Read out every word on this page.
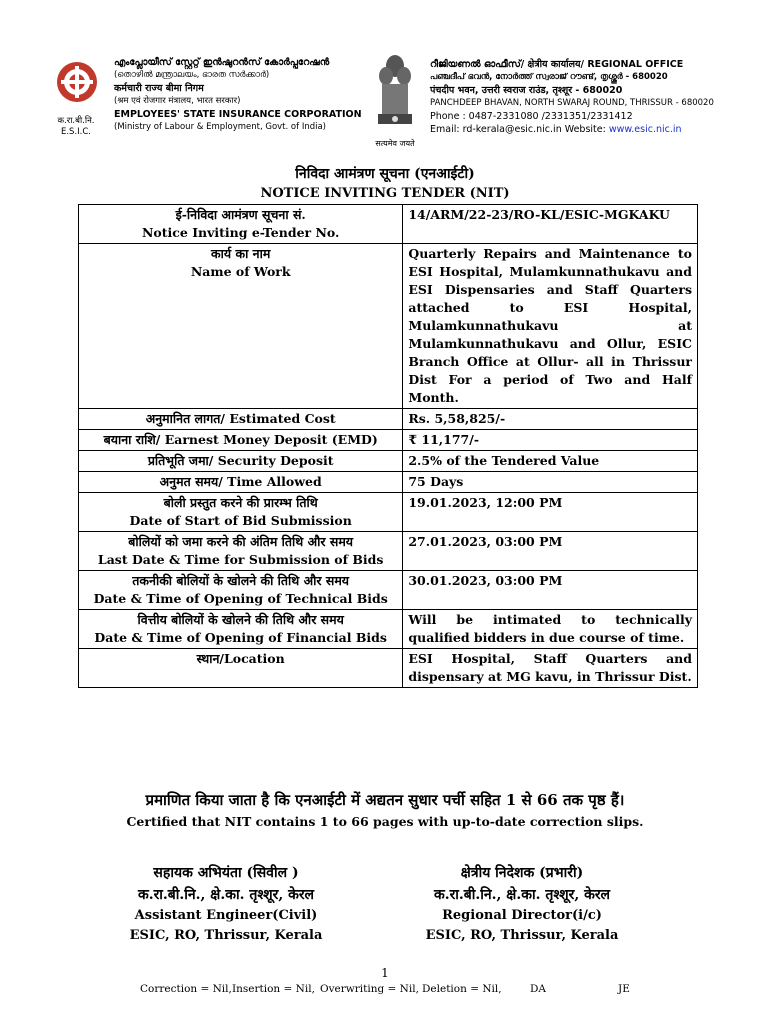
क.रा.बी.नि.
E.S.I.C.
എംപ്ലോയീസ് സ്റ്റേറ്റ് ഇൻഷുറൻസ് കോർപ്പറേഷൻ
(തൊഴിൽ മന്ത്രാലയം, ഭാരത സർക്കാർ)
कर्मचारी राज्य बीमा निगम
(श्रम एवं रोजगार मंत्रालय, भारत सरकार)
EMPLOYEES' STATE INSURANCE CORPORATION
(Ministry of Labour & Employment, Govt. of India)
सत्यमेव जयते
റീജിയണൽ ഓഫീസ്/ क्षेत्रीय कार्यालय/ REGIONAL OFFICE
പഞ്ചദീപ് ഭവൻ, നോർത്ത് സ്വരാജ് റൗണ്ട്, തൃശ്ശൂർ - 680020
पंचदीप भवन, उत्तरी स्वराज राउंड, तृश्शूर - 680020
PANCHDEEP BHAVAN, NORTH SWARAJ ROUND, THRISSUR - 680020
Phone : 0487-2331080 /2331351/2331412
Email: rd-kerala@esic.nic.in Website: www.esic.nic.in
निविदा आमंत्रण सूचना (एनआईटी)
NOTICE INVITING TENDER (NIT)
ई-निविदा आमंत्रण सूचना सं.
Notice Inviting e-Tender No.	14/ARM/22-23/RO-KL/ESIC-MGKAKU

कार्य का नाम
Name of Work	Quarterly Repairs and Maintenance to ESI Hospital, Mulamkunnathukavu and ESI Dispensaries and Staff Quarters attached to ESI Hospital, Mulamkunnathukavu at Mulamkunnathukavu and Ollur, ESIC Branch Office at Ollur- all in Thrissur Dist For a period of Two and Half Month.
अनुमानित लागत/ Estimated Cost	Rs. 5,58,825/-
बयाना राशि/ Earnest Money Deposit (EMD)	₹ 11,177/-
प्रतिभूति जमा/ Security Deposit	2.5% of the Tendered Value
अनुमत समय/ Time Allowed	75 Days

बोली प्रस्तुत करने की प्रारम्भ तिथि
Date of Start of Bid Submission	19.01.2023, 12:00 PM

बोलियों को जमा करने की अंतिम तिथि और समय
Last Date & Time for Submission of Bids	27.01.2023, 03:00 PM

तकनीकी बोलियों के खोलने की तिथि और समय
Date & Time of Opening of Technical Bids	30.01.2023, 03:00 PM

वित्तीय बोलियों के खोलने की तिथि और समय
Date & Time of Opening of Financial Bids	Will be intimated to technically qualified bidders in due course of time.
स्थान/Location	ESI Hospital, Staff Quarters and dispensary at MG kavu, in Thrissur Dist.
प्रमाणित किया जाता है कि एनआईटी में अद्यतन सुधार पर्ची सहित 1 से 66 तक पृष्ठ हैं।
Certified that NIT contains 1 to 66 pages with up-to-date correction slips.
सहायक अभियंता (सिवील )
क.रा.बी.नि., क्षे.का. तृश्शूर, केरल
Assistant Engineer(Civil)
ESIC, RO, Thrissur, Kerala
क्षेत्रीय निदेशक (प्रभारी)
क.रा.बी.नि., क्षे.का. तृश्शूर, केरल
Regional Director(i/c)
ESIC, RO, Thrissur, Kerala
1
Correction = Nil, Insertion = Nil, Overwriting = Nil, Deletion = Nil,	DA	JE
